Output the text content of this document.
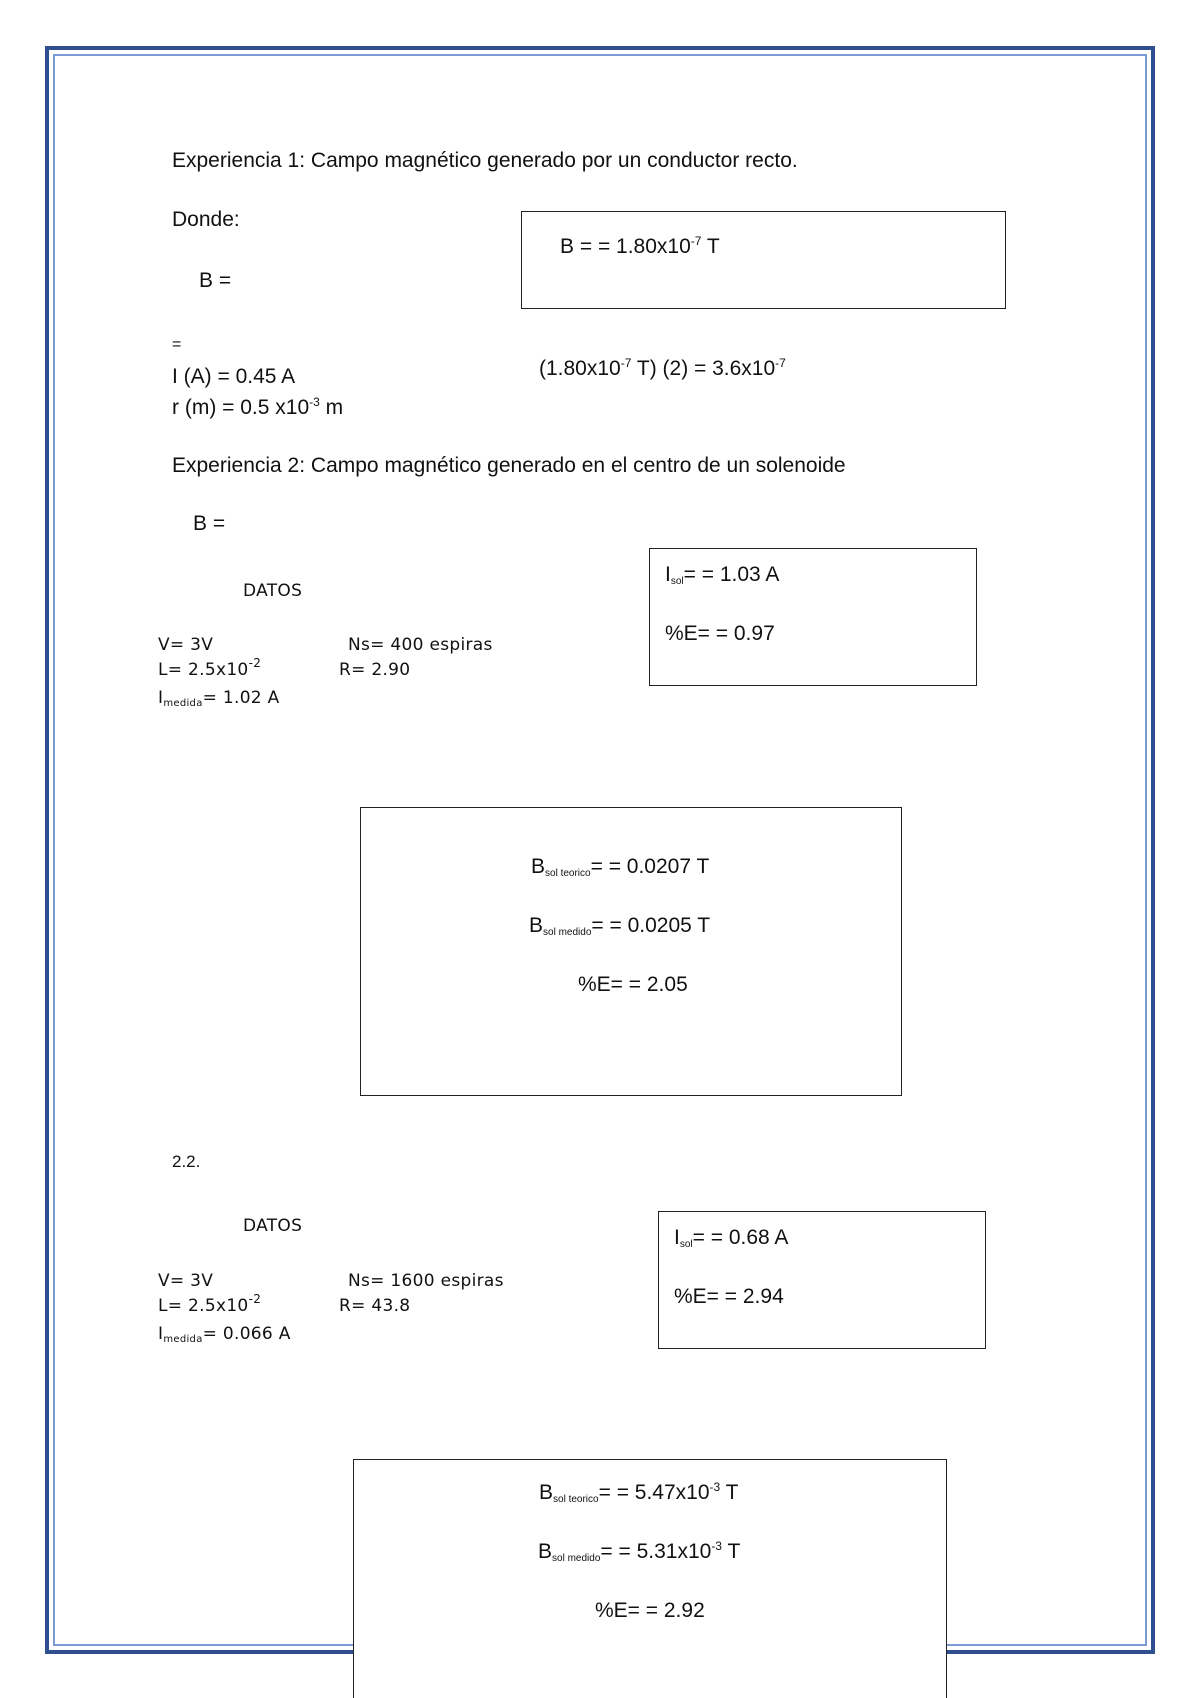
Experiencia 1: Campo magnético generado por un conductor recto.
Donde:
B =
B = = $1.80x10^{-7}$ T
=
I (A) = 0.45 A
r (m) = 0.5 $x10^{-3}$ m
($1.80x10^{-7}$ T) $(2) = 3.6x10^{-7}$
Experiencia 2: Campo magnético generado en el centro de un solenoide
B =
DATOS
V= 3V	Ns= 400 espiras
$L= 2.5x10^{-2}$	R= 2.90
$I_{medida}= 1.02$ A
$I_{sol}= = 1.03$ A
%E= = 0.97
$B_{sol teorico}= = 0.0207$ T
$B_{sol medido}= = 0.0205$ T
%E= = 2.05
2.2.
DATOS
V= 3V	Ns= 1600 espiras
$L= 2.5x10^{-2}$	R= 43.8
$I_{medida}= 0.066$ A
$I_{sol}= = 0.68$ A
%E= = 2.94
$B_{sol teorico}= = 5.47x10^{-3}$ T
$B_{sol medido}= = 5.31x10^{-3}$ T
%E= = 2.92
